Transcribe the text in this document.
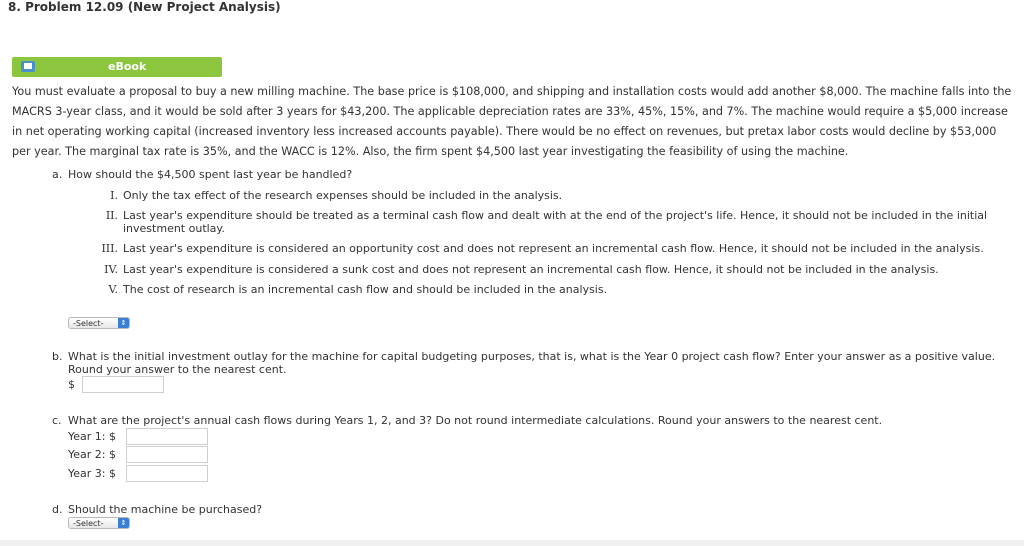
8. Problem 12.09 (New Project Analysis)
eBook
You must evaluate a proposal to buy a new milling machine. The base price is $108,000, and shipping and installation costs would add another $8,000. The machine falls into the MACRS 3-year class, and it would be sold after 3 years for $43,200. The applicable depreciation rates are 33%, 45%, 15%, and 7%. The machine would require a $5,000 increase in net operating working capital (increased inventory less increased accounts payable). There would be no effect on revenues, but pretax labor costs would decline by $53,000 per year. The marginal tax rate is 35%, and the WACC is 12%. Also, the firm spent $4,500 last year investigating the feasibility of using the machine.
a. How should the $4,500 spent last year be handled?
I. Only the tax effect of the research expenses should be included in the analysis.
II. Last year's expenditure should be treated as a terminal cash flow and dealt with at the end of the project's life. Hence, it should not be included in the initial investment outlay.
III. Last year's expenditure is considered an opportunity cost and does not represent an incremental cash flow. Hence, it should not be included in the analysis.
IV. Last year's expenditure is considered a sunk cost and does not represent an incremental cash flow. Hence, it should not be included in the analysis.
V. The cost of research is an incremental cash flow and should be included in the analysis.
-Select-	⇕
b. What is the initial investment outlay for the machine for capital budgeting purposes, that is, what is the Year 0 project cash flow? Enter your answer as a positive value.
Round your answer to the nearest cent.
$
c. What are the project's annual cash flows during Years 1, 2, and 3? Do not round intermediate calculations. Round your answers to the nearest cent.
Year 1: $
Year 2: $
Year 3: $
d. Should the machine be purchased?
-Select-	⇕
